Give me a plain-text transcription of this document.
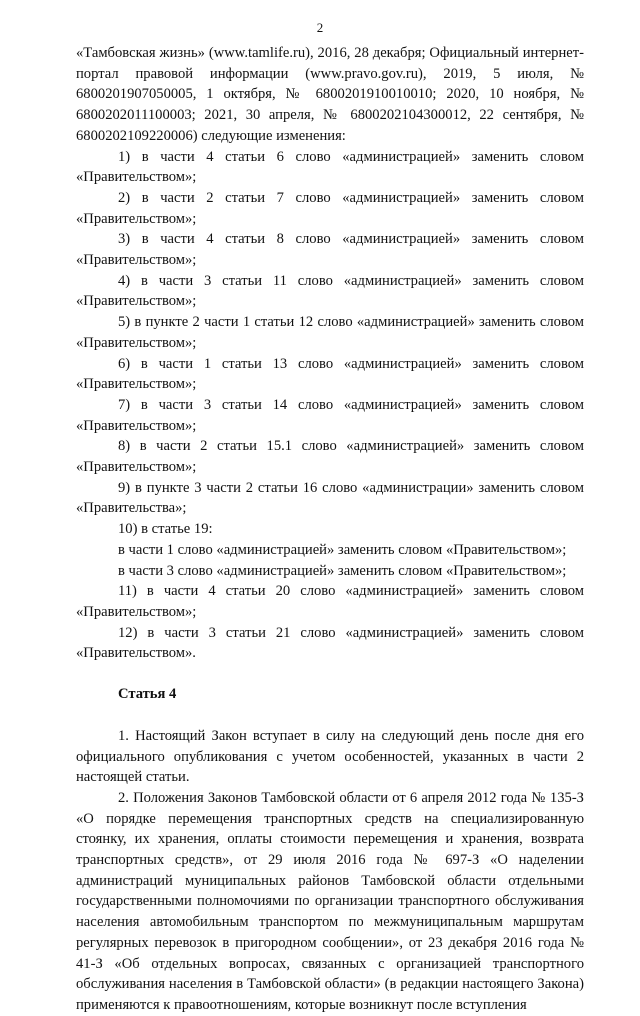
2

«Тамбовская жизнь» (www.tamlife.ru), 2016, 28 декабря; Официальный интернет-портал правовой информации (www.pravo.gov.ru), 2019, 5 июля, № 6800201907050005, 1 октября, № 6800201910010010; 2020, 10 ноября, № 6800202011100003; 2021, 30 апреля, № 6800202104300012, 22 сентября, № 6800202109220006) следующие изменения:

1) в части 4 статьи 6 слово «администрацией» заменить словом «Правительством»;

2) в части 2 статьи 7 слово «администрацией» заменить словом «Правительством»;

3) в части 4 статьи 8 слово «администрацией» заменить словом «Правительством»;

4) в части 3 статьи 11 слово «администрацией» заменить словом «Правительством»;

5) в пункте 2 части 1 статьи 12 слово «администрацией» заменить словом «Правительством»;

6) в части 1 статьи 13 слово «администрацией» заменить словом «Правительством»;

7) в части 3 статьи 14 слово «администрацией» заменить словом «Правительством»;

8) в части 2 статьи 15.1 слово «администрацией» заменить словом «Правительством»;

9) в пункте 3 части 2 статьи 16 слово «администрации» заменить словом «Правительства»;

10) в статье 19:

в части 1 слово «администрацией» заменить словом «Правительством»;

в части 3 слово «администрацией» заменить словом «Правительством»;

11) в части 4 статьи 20 слово «администрацией» заменить словом «Правительством»;

12) в части 3 статьи 21 слово «администрацией» заменить словом «Правительством».

Статья 4

1. Настоящий Закон вступает в силу на следующий день после дня его официального опубликования с учетом особенностей, указанных в части 2 настоящей статьи.

2. Положения Законов Тамбовской области от 6 апреля 2012 года № 135-З «О порядке перемещения транспортных средств на специализированную стоянку, их хранения, оплаты стоимости перемещения и хранения, возврата транспортных средств», от 29 июля 2016 года № 697-З «О наделении администраций муниципальных районов Тамбовской области отдельными государственными полномочиями по организации транспортного обслуживания населения автомобильным транспортом по межмуниципальным маршрутам регулярных перевозок в пригородном сообщении», от 23 декабря 2016 года № 41-З «Об отдельных вопросах, связанных с организацией транспортного обслуживания населения в Тамбовской области» (в редакции настоящего Закона) применяются к правоотношениям, которые возникнут после вступления
